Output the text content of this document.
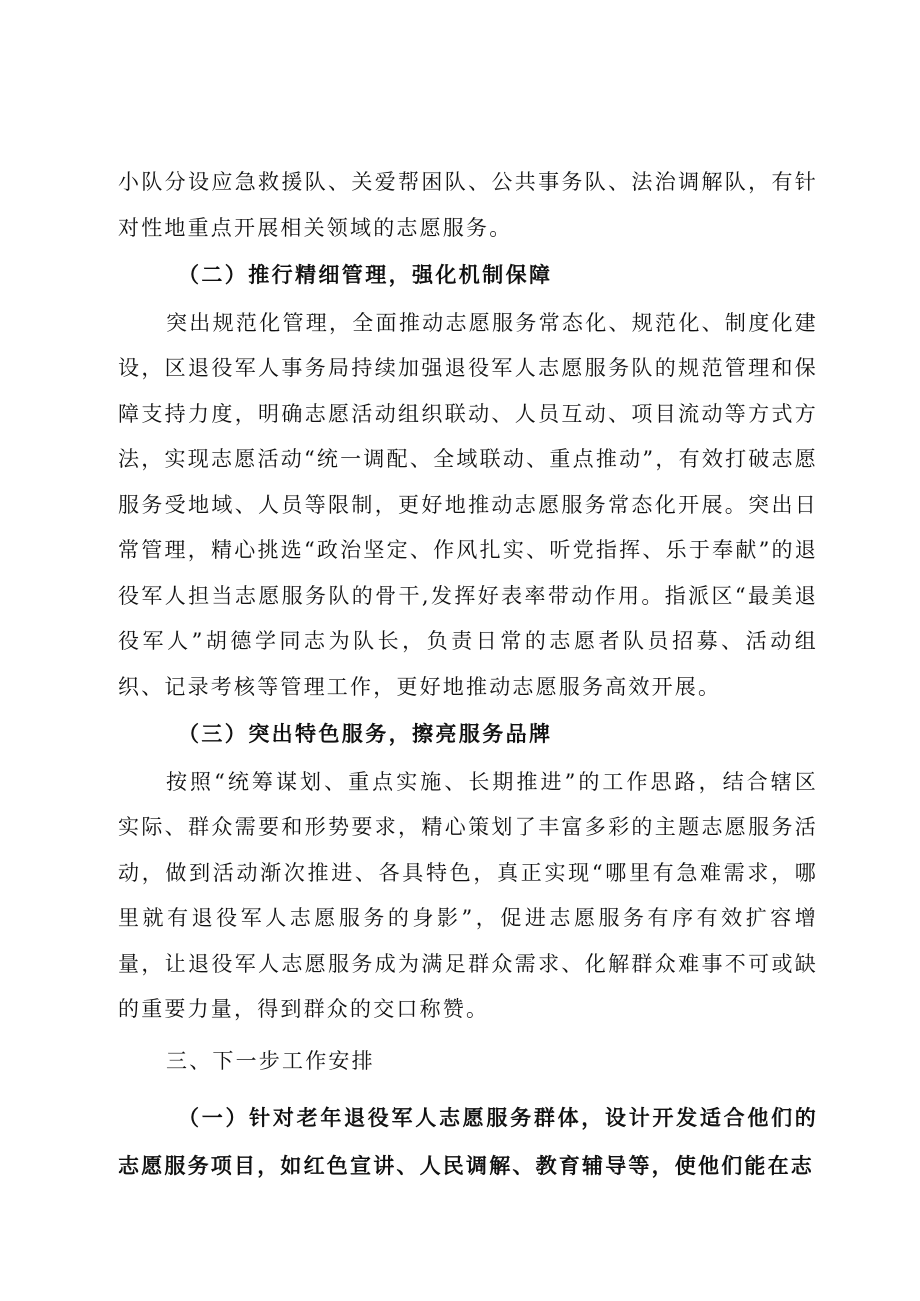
小队分设应急救援队、关爱帮困队、公共事务队、法治调解队，有针对性地重点开展相关领域的志愿服务。

（二）推行精细管理，强化机制保障

突出规范化管理，全面推动志愿服务常态化、规范化、制度化建设，区退役军人事务局持续加强退役军人志愿服务队的规范管理和保障支持力度，明确志愿活动组织联动、人员互动、项目流动等方式方法，实现志愿活动“统一调配、全域联动、重点推动”，有效打破志愿服务受地域、人员等限制，更好地推动志愿服务常态化开展。突出日常管理，精心挑选“政治坚定、作风扎实、听党指挥、乐于奉献”的退役军人担当志愿服务队的骨干,发挥好表率带动作用。指派区“最美退役军人”胡德学同志为队长，负责日常的志愿者队员招募、活动组织、记录考核等管理工作，更好地推动志愿服务高效开展。

（三）突出特色服务，擦亮服务品牌

按照“统筹谋划、重点实施、长期推进”的工作思路，结合辖区实际、群众需要和形势要求，精心策划了丰富多彩的主题志愿服务活动，做到活动渐次推进、各具特色，真正实现“哪里有急难需求，哪里就有退役军人志愿服务的身影”，促进志愿服务有序有效扩容增量，让退役军人志愿服务成为满足群众需求、化解群众难事不可或缺的重要力量，得到群众的交口称赞。

三、下一步工作安排

（一）针对老年退役军人志愿服务群体，设计开发适合他们的志愿服务项目，如红色宣讲、人民调解、教育辅导等，使他们能在志
